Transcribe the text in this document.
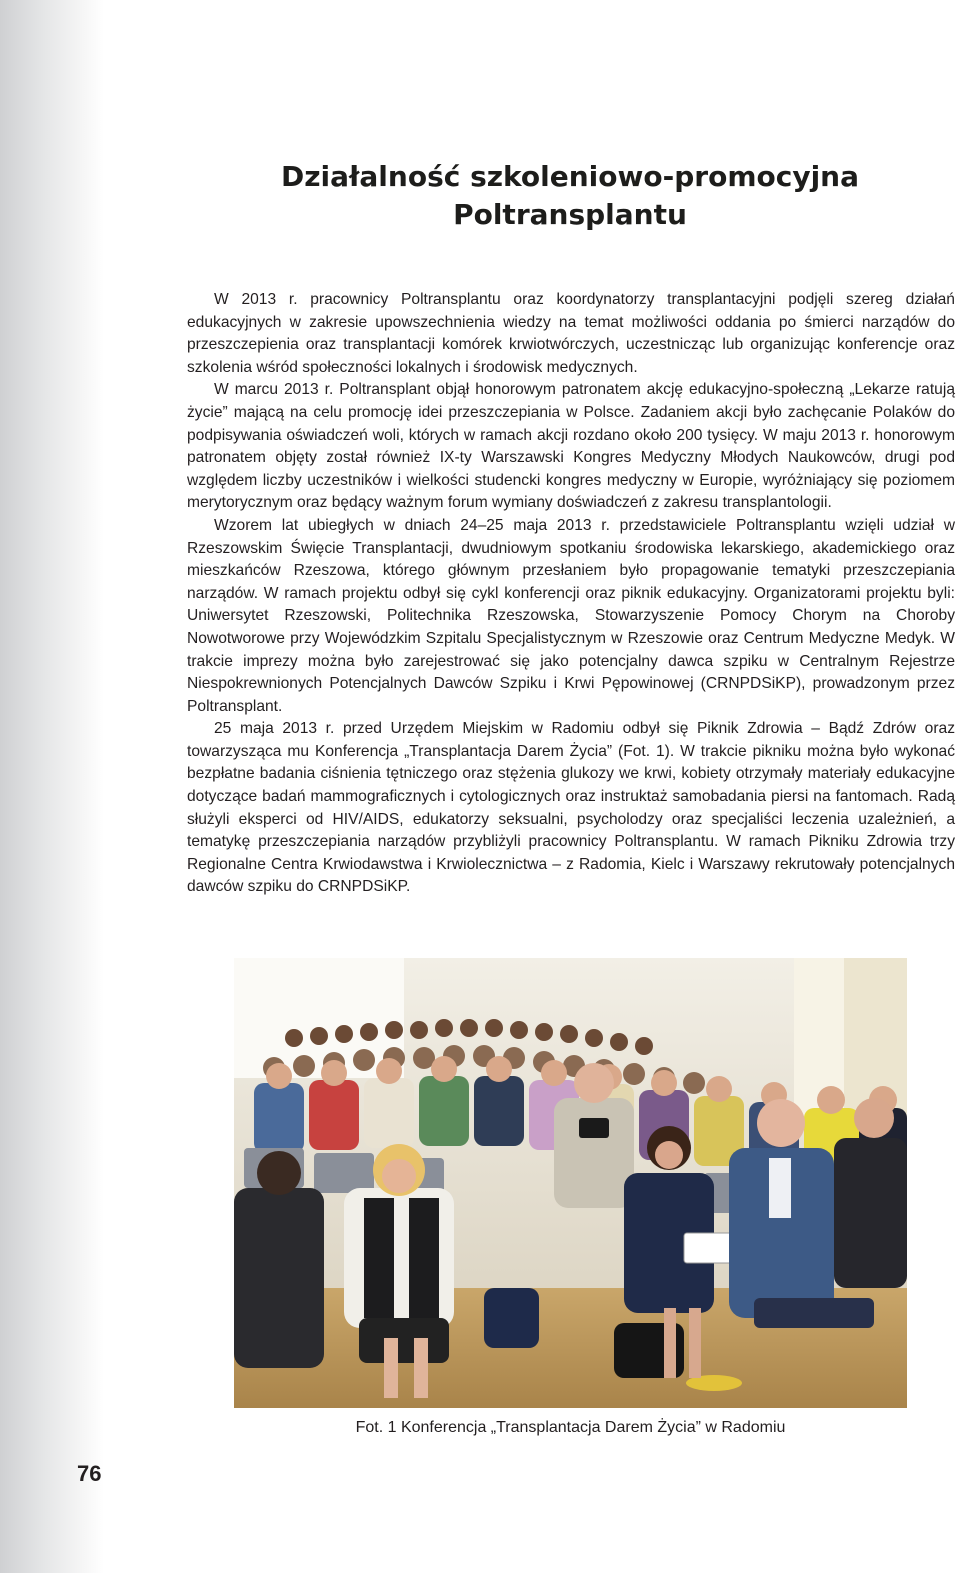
Działalność szkoleniowo-promocyjna
Poltransplantu

W 2013 r. pracownicy Poltransplantu oraz koordynatorzy transplantacyjni podjęli szereg działań edukacyjnych w zakresie upowszechnienia wiedzy na temat możliwości oddania po śmierci narządów do przeszczepienia oraz transplantacji komórek krwiotwórczych, uczestnicząc lub organizując konferencje oraz szkolenia wśród społeczności lokalnych i środowisk medycznych.

W marcu 2013 r. Poltransplant objął honorowym patronatem akcję edukacyjno-społeczną „Lekarze ratują życie” mającą na celu promocję idei przeszczepiania w Polsce. Zadaniem akcji było zachęcanie Polaków do podpisywania oświadczeń woli, których w ramach akcji rozdano około 200 tysięcy. W maju 2013 r. honorowym patronatem objęty został również IX-ty Warszawski Kongres Medyczny Młodych Naukowców, drugi pod względem liczby uczestników i wielkości studencki kongres medyczny w Europie, wyróżniający się poziomem merytorycznym oraz będący ważnym forum wymiany doświadczeń z zakresu transplantologii.

Wzorem lat ubiegłych w dniach 24–25 maja 2013 r. przedstawiciele Poltransplantu wzięli udział w Rzeszowskim Święcie Transplantacji, dwudniowym spotkaniu środowiska lekarskiego, akademickiego oraz mieszkańców Rzeszowa, którego głównym przesłaniem było propagowanie tematyki przeszczepiania narządów. W ramach projektu odbył się cykl konferencji oraz piknik edukacyjny. Organizatorami projektu byli: Uniwersytet Rzeszowski, Politechnika Rzeszowska, Stowarzyszenie Pomocy Chorym na Choroby Nowotworowe przy Wojewódzkim Szpitalu Specjalistycznym w Rzeszowie oraz Centrum Medyczne Medyk. W trakcie imprezy można było zarejestrować się jako potencjalny dawca szpiku w Centralnym Rejestrze Niespokrewnionych Potencjalnych Dawców Szpiku i Krwi Pępowinowej (CRNPDSiKP), prowadzonym przez Poltransplant.

25 maja 2013 r. przed Urzędem Miejskim w Radomiu odbył się Piknik Zdrowia – Bądź Zdrów oraz towarzysząca mu Konferencja „Transplantacja Darem Życia” (Fot. 1). W trakcie pikniku można było wykonać bezpłatne badania ciśnienia tętniczego oraz stężenia glukozy we krwi, kobiety otrzymały materiały edukacyjne dotyczące badań mammograficznych i cytologicznych oraz instruktaż samobadania piersi na fantomach. Radą służyli eksperci od HIV/AIDS, edukatorzy seksualni, psycholodzy oraz specjaliści leczenia uzależnień, a tematykę przeszczepiania narządów przybliżyli pracownicy Poltransplantu. W ramach Pikniku Zdrowia trzy Regionalne Centra Krwiodawstwa i Krwiolecznictwa – z Radomia, Kielc i Warszawy rekrutowały potencjalnych dawców szpiku do CRNPDSiKP.

Fot. 1 Konferencja „Transplantacja Darem Życia” w Radomiu
76
